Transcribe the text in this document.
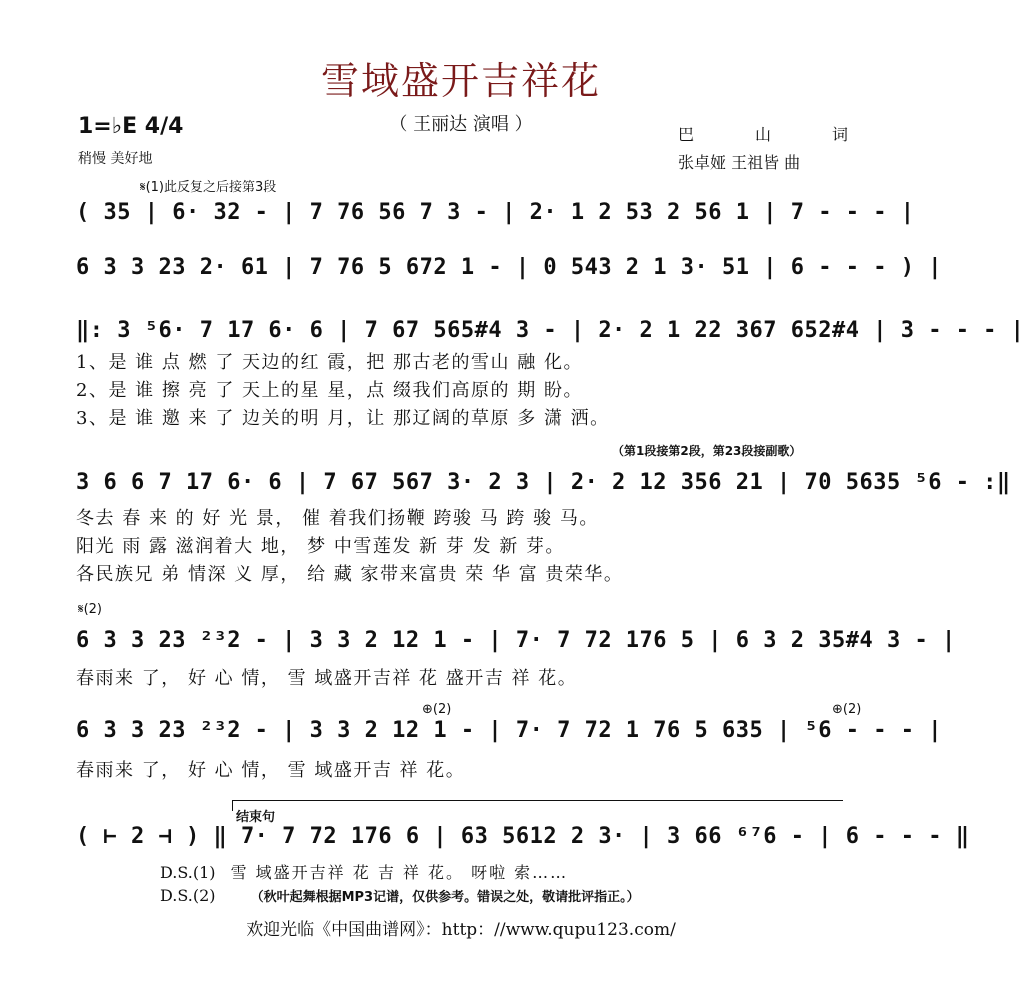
雪域盛开吉祥花
（ 王丽达 演唱 ）
1=♭E 4/4
稍慢 美好地
巴	山	词
张卓娅 王祖皆 曲
𝄋(1)此反复之后接第3段
( 35 | 6· 32 - | 7 76 56 7 3 - | 2· 1 2 53 2 56 1 | 7 - - - |
6 3 3 23 2· 61 | 7 76 5 672 1 - | 0 543 2 1 3· 51 | 6 - - - ) |
‖: 3 ⁵6· 7 17 6· 6 | 7 67 565#4 3 - | 2· 2 1 22 367 652#4 | 3 - - - |
1、是 谁 点 燃 了 天边的红 霞，把 那古老的雪山 融 化。
2、是 谁 擦 亮 了 天上的星 星，点 缀我们高原的 期 盼。
3、是 谁 邀 来 了 边关的明 月，让 那辽阔的草原 多 潇 洒。
（第1段接第2段，第23段接副歌）
3 6 6 7 17 6· 6 | 7 67 567 3· 2 3 | 2· 2 12 356 21 | 70 5635 ⁵6 - :‖
冬去 春 来 的 好 光 景， 催 着我们扬鞭 跨骏 马 跨 骏 马。
阳光 雨 露 滋润着大 地， 梦 中雪莲发 新 芽 发 新 芽。
各民族兄 弟 情深 义 厚， 给 藏 家带来富贵 荣 华 富 贵荣华。
𝄋(2)
6 3 3 23 ²³2 - | 3 3 2 12 1 - | 7· 7 72 176 5 | 6 3 2 35#4 3 - |
春雨来 了， 好 心 情， 雪 域盛开吉祥 花 盛开吉 祥 花。
⊕(2)	⊕(2)
6 3 3 23 ²³2 - | 3 3 2 12 1 - | 7· 7 72 1 76 5 635 | ⁵6 - - - |
春雨来 了， 好 心 情， 雪 域盛开吉 祥 花。
结束句
( ⊢ 2 ⊣ ) ‖ 7· 7 72 176 6 | 63 5612 2 3· | 3 66 ⁶⁷6 - | 6 - - - ‖
D.S.(1) 雪 域盛开吉祥 花 吉 祥 花。 呀啦 索……
D.S.(2)	（秋叶起舞根据MP3记谱，仅供参考。错误之处，敬请批评指正。）
欢迎光临《中国曲谱网》：http：//www.qupu123.com/
